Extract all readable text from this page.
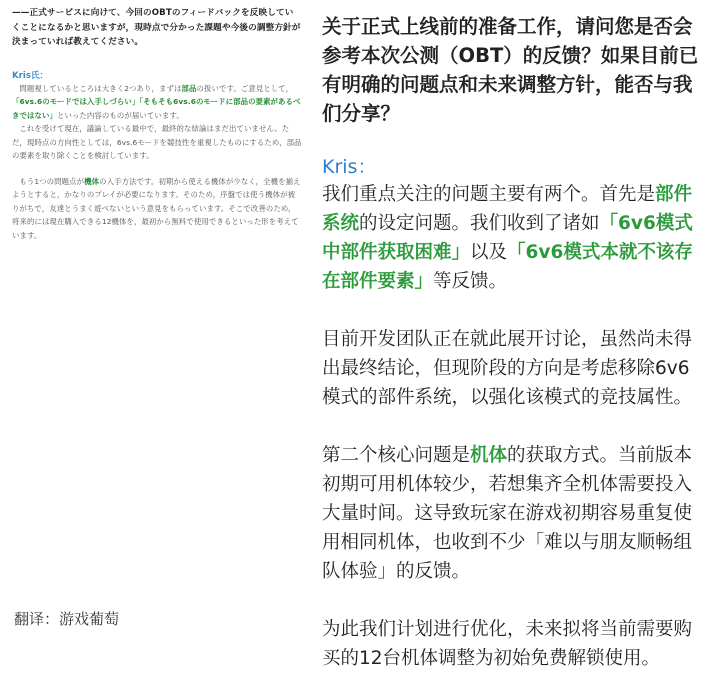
——正式サービスに向けて、今回のOBTのフィードバックを反映していくことになるかと思いますが，現時点で分かった課題や今後の調整方針が決まっていれば教えてください。

Kris氏：

問題視しているところは大きく2つあり，まずは部品の扱いです。ご意見として，「6vs.6のモードでは入手しづらい」「そもそも6vs.6のモードに部品の要素があるべきではない」といった内容のものが届いています。

これを受けて現在，議論している最中で，最終的な結論はまだ出ていません。ただ，現時点の方向性としては，6vs.6モードを競技性を重視したものにするため，部品の要素を取り除くことを検討しています。

もう1つの問題点が機体の入手方法です。初期から使える機体が少なく，全機を揃えようとすると，かなりのプレイが必要になります。そのため，序盤では使う機体が被りがちで，友達とうまく遊べないという意見をもらっています。そこで改善のため，将来的には現在購入できる12機体を，最初から無料で使用できるといった形を考えています。

翻译：游戏葡萄

关于正式上线前的准备工作，请问您是否会参考本次公测（OBT）的反馈？如果目前已有明确的问题点和未来调整方针，能否与我们分享？

Kris：

我们重点关注的问题主要有两个。首先是部件系统的设定问题。我们收到了诸如「6v6模式中部件获取困难」以及「6v6模式本就不该存在部件要素」等反馈。

目前开发团队正在就此展开讨论，虽然尚未得出最终结论，但现阶段的方向是考虑移除6v6模式的部件系统，以强化该模式的竞技属性。

第二个核心问题是机体的获取方式。当前版本初期可用机体较少，若想集齐全机体需要投入大量时间。这导致玩家在游戏初期容易重复使用相同机体，也收到不少「难以与朋友顺畅组队体验」的反馈。

为此我们计划进行优化，未来拟将当前需要购买的12台机体调整为初始免费解锁使用。
